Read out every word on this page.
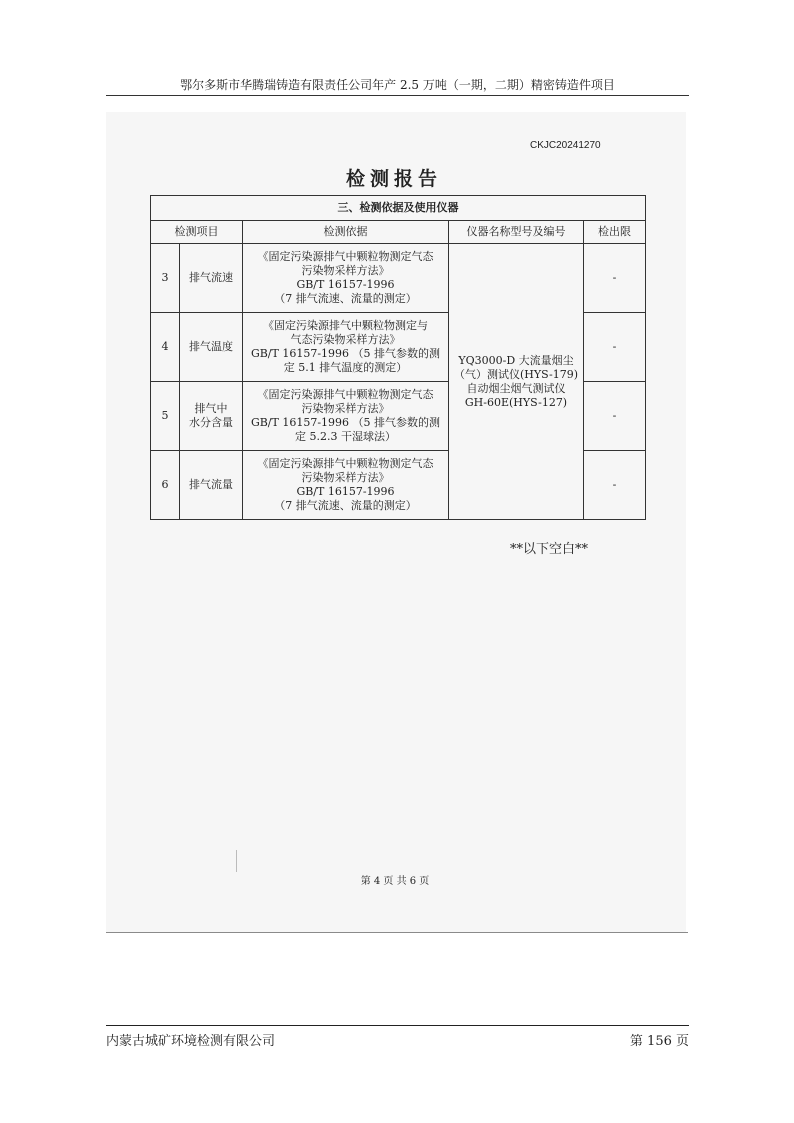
鄂尔多斯市华腾瑞铸造有限责任公司年产 2.5 万吨（一期，二期）精密铸造件项目
CKJC20241270
检测报告
三、检测依据及使用仪器				
检测项目		检测依据	仪器名称型号及编号	检出限
3	排气流速	《固定污染源排气中颗粒物测定气态
污染物采样方法》
GB/T 16157-1996
（7 排气流速、流量的测定）	YQ3000-D 大流量烟尘
（气）测试仪(HYS-179)
自动烟尘烟气测试仪
GH-60E(HYS-127)	-
4	排气温度	《固定污染源排气中颗粒物测定与
气态污染物采样方法》
GB/T 16157-1996 （5 排气参数的测
定 5.1 排气温度的测定）		-
5	排气中
水分含量	《固定污染源排气中颗粒物测定气态
污染物采样方法》
GB/T 16157-1996 （5 排气参数的测
定 5.2.3 干湿球法）		-
6	排气流量	《固定污染源排气中颗粒物测定气态
污染物采样方法》
GB/T 16157-1996
（7 排气流速、流量的测定）		-
**以下空白**
第 4 页 共 6 页
内蒙古城矿环境检测有限公司	第 156 页
